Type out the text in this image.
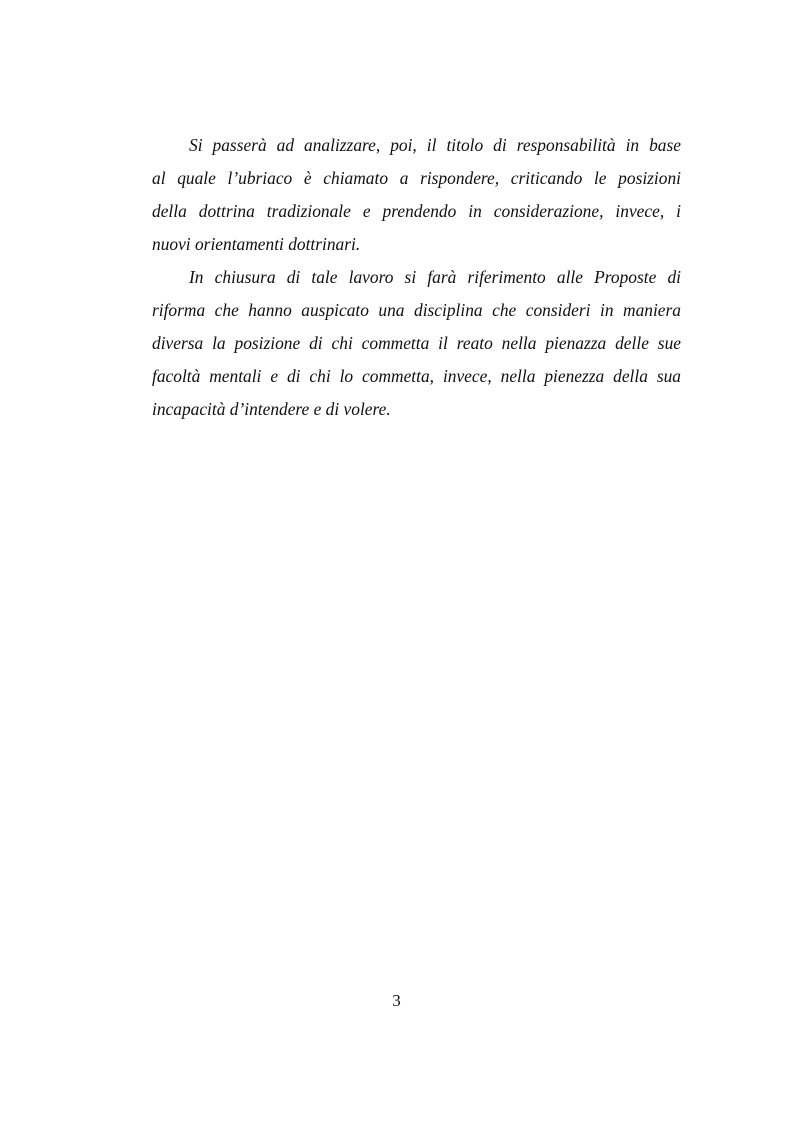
Si passerà ad analizzare, poi, il titolo di responsabilità in base
al quale l’ubriaco è chiamato a rispondere, criticando le posizioni
della dottrina tradizionale e prendendo in considerazione, invece, i
nuovi orientamenti dottrinari.
In chiusura di tale lavoro si farà riferimento alle Proposte di
riforma che hanno auspicato una disciplina che consideri in maniera
diversa la posizione di chi commetta il reato nella pienazza delle sue
facoltà mentali e di chi lo commetta, invece, nella pienezza della sua
incapacità d’intendere e di volere.
3
